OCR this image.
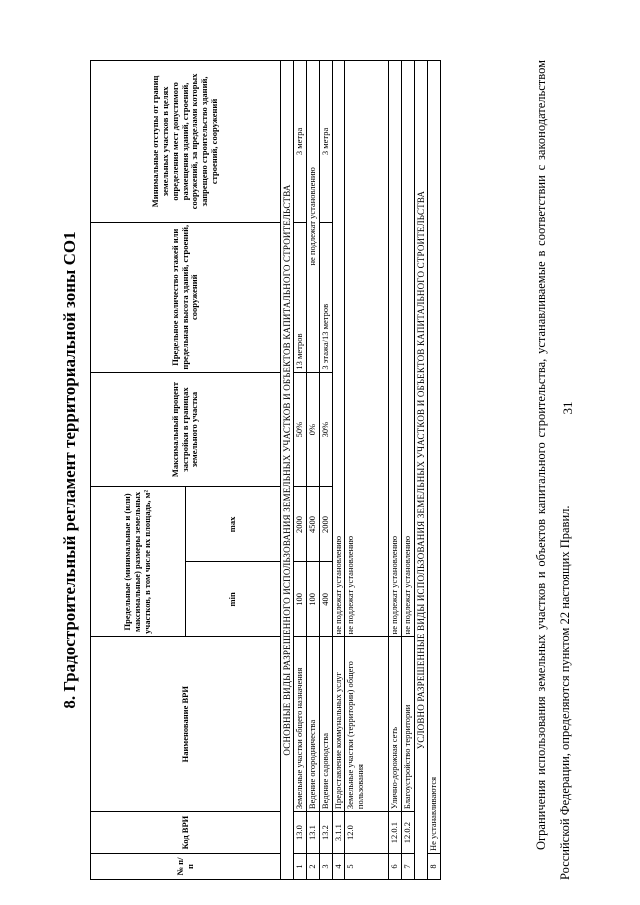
31
8. Градостроительный регламент территориальной зоны СО1
№ п/п	Код ВРИ	Наименование ВРИ	Предельные (минимальные и (или) максимальные) размеры земельных участков, в том числе их площадь, м²		Максимальный процент застройки в границах земельного участка	Предельное количество этажей или предельная высота зданий, строений, сооружений	Минимальные отступы от границ земельных участков в целях определения мест допустимого размещения зданий, строений, сооружений, за пределами которых запрещено строительство зданий, строений, сооружений
			min	max			
ОСНОВНЫЕ ВИДЫ РАЗРЕШЕННОГО ИСПОЛЬЗОВАНИЯ ЗЕМЕЛЬНЫХ УЧАСТКОВ И ОБЪЕКТОВ КАПИТАЛЬНОГО СТРОИТЕЛЬСТВА							
1	13.0	Земельные участки общего назначения	100	2000	50%	13 метров	3 метра
2	13.1	Ведение огородничества	100	4500	0%	не подлежат установлению	
3	13.2	Ведение садоводства	400	2000	30%	3 этажа/13 метров	3 метра
4	3.1.1	Предоставление коммунальных услуг	не подлежат установлению				
5	12.0	Земельные участки (территории) общего пользования	не подлежат установлению				
6	12.0.1	Улично-дорожная сеть	не подлежат установлению				
7	12.0.2	Благоустройство территории	не подлежат установлению				
УСЛОВНО РАЗРЕШЕННЫЕ ВИДЫ ИСПОЛЬЗОВАНИЯ ЗЕМЕЛЬНЫХ УЧАСТКОВ И ОБЪЕКТОВ КАПИТАЛЬНОГО СТРОИТЕЛЬСТВА							
8	Не устанавливаются							Ограничения использования земельных участков и объектов капитального строительства, устанавливаемые в соответствии с законодательством Российской Федерации, определяются пунктом 22 настоящих Правил.
